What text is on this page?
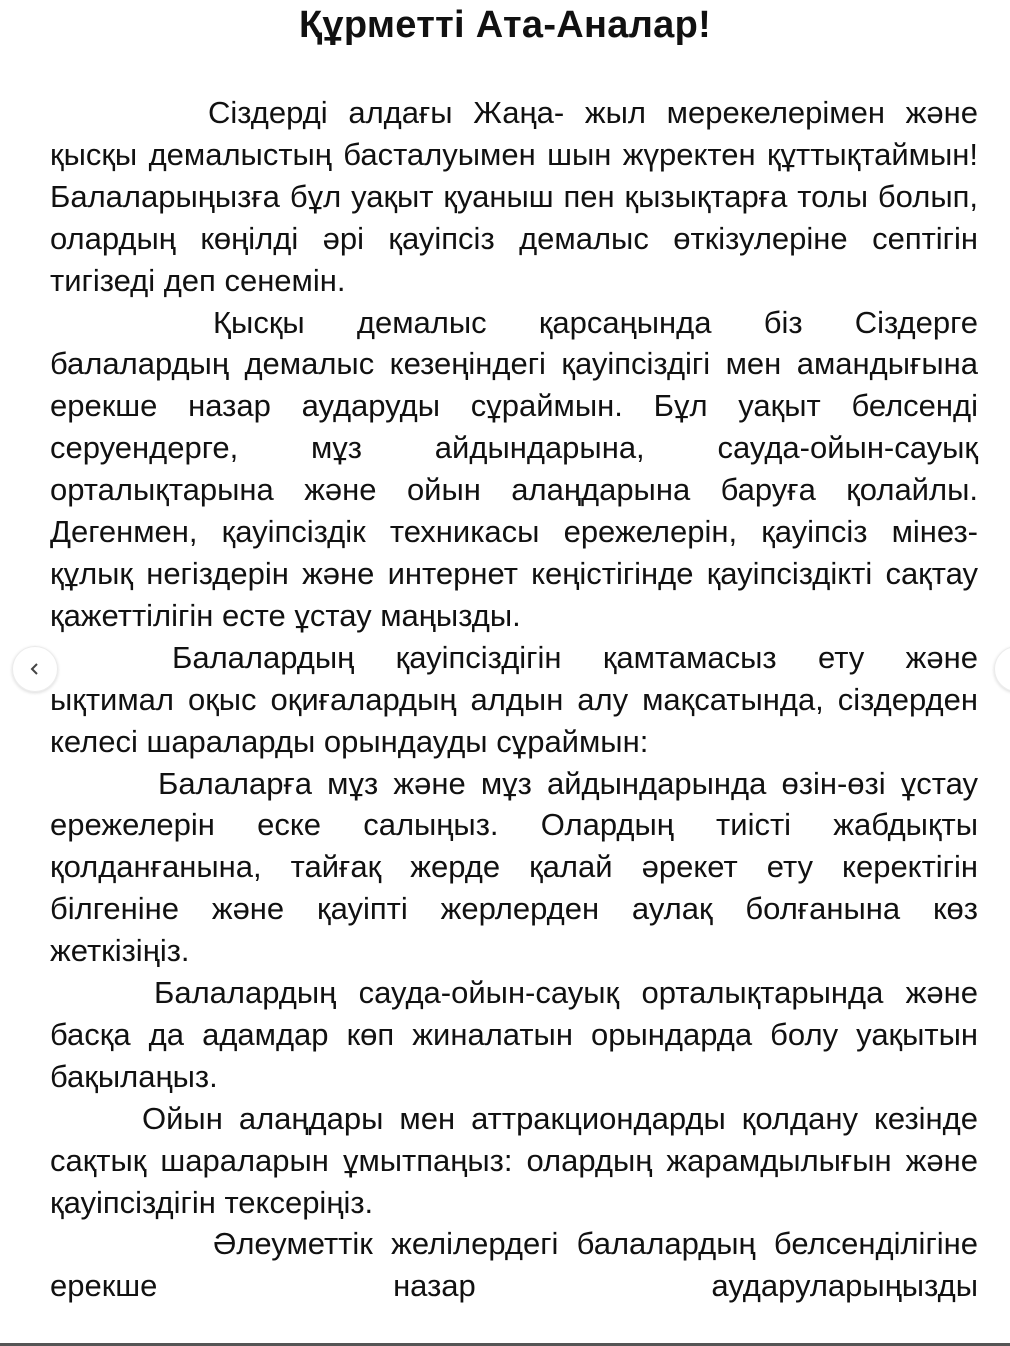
Құрметті Ата-Аналар!

Сіздерді алдағы Жаңа- жыл мерекелерімен және қысқы демалыстың басталуымен шын жүректен құттықтаймын! Балаларыңызға бұл уақыт қуаныш пен қызықтарға толы болып, олардың көңілді әрі қауіпсіз демалыс өткізулеріне септігін тигізеді деп сенемін.

Қысқы демалыс қарсаңында біз Сіздерге балалардың демалыс кезеңіндегі қауіпсіздігі мен амандығына ерекше назар аударуды сұраймын. Бұл уақыт белсенді серуендерге, мұз айдындарына, сауда-ойын-сауық орталықтарына және ойын алаңдарына баруға қолайлы. Дегенмен, қауіпсіздік техникасы ережелерін, қауіпсіз мінез-құлық негіздерін және интернет кеңістігінде қауіпсіздікті сақтау қажеттілігін есте ұстау маңызды.

Балалардың қауіпсіздігін қамтамасыз ету және ықтимал оқыс оқиғалардың алдын алу мақсатында, сіздерден келесі шараларды орындауды сұраймын:

Балаларға мұз және мұз айдындарында өзін-өзі ұстау ережелерін еске салыңыз. Олардың тиісті жабдықты қолданғанына, тайғақ жерде қалай әрекет ету керектігін білгеніне және қауіпті жерлерден аулақ болғанына көз жеткізіңіз.

Балалардың сауда-ойын-сауық орталықтарында және басқа да адамдар көп жиналатын орындарда болу уақытын бақылаңыз.

Ойын алаңдары мен аттракциондарды қолдану кезінде сақтық шараларын ұмытпаңыз: олардың жарамдылығын және қауіпсіздігін тексеріңіз.

Әлеуметтік желілердегі балалардың белсенділігіне ерекше назар аударуларыңызды
